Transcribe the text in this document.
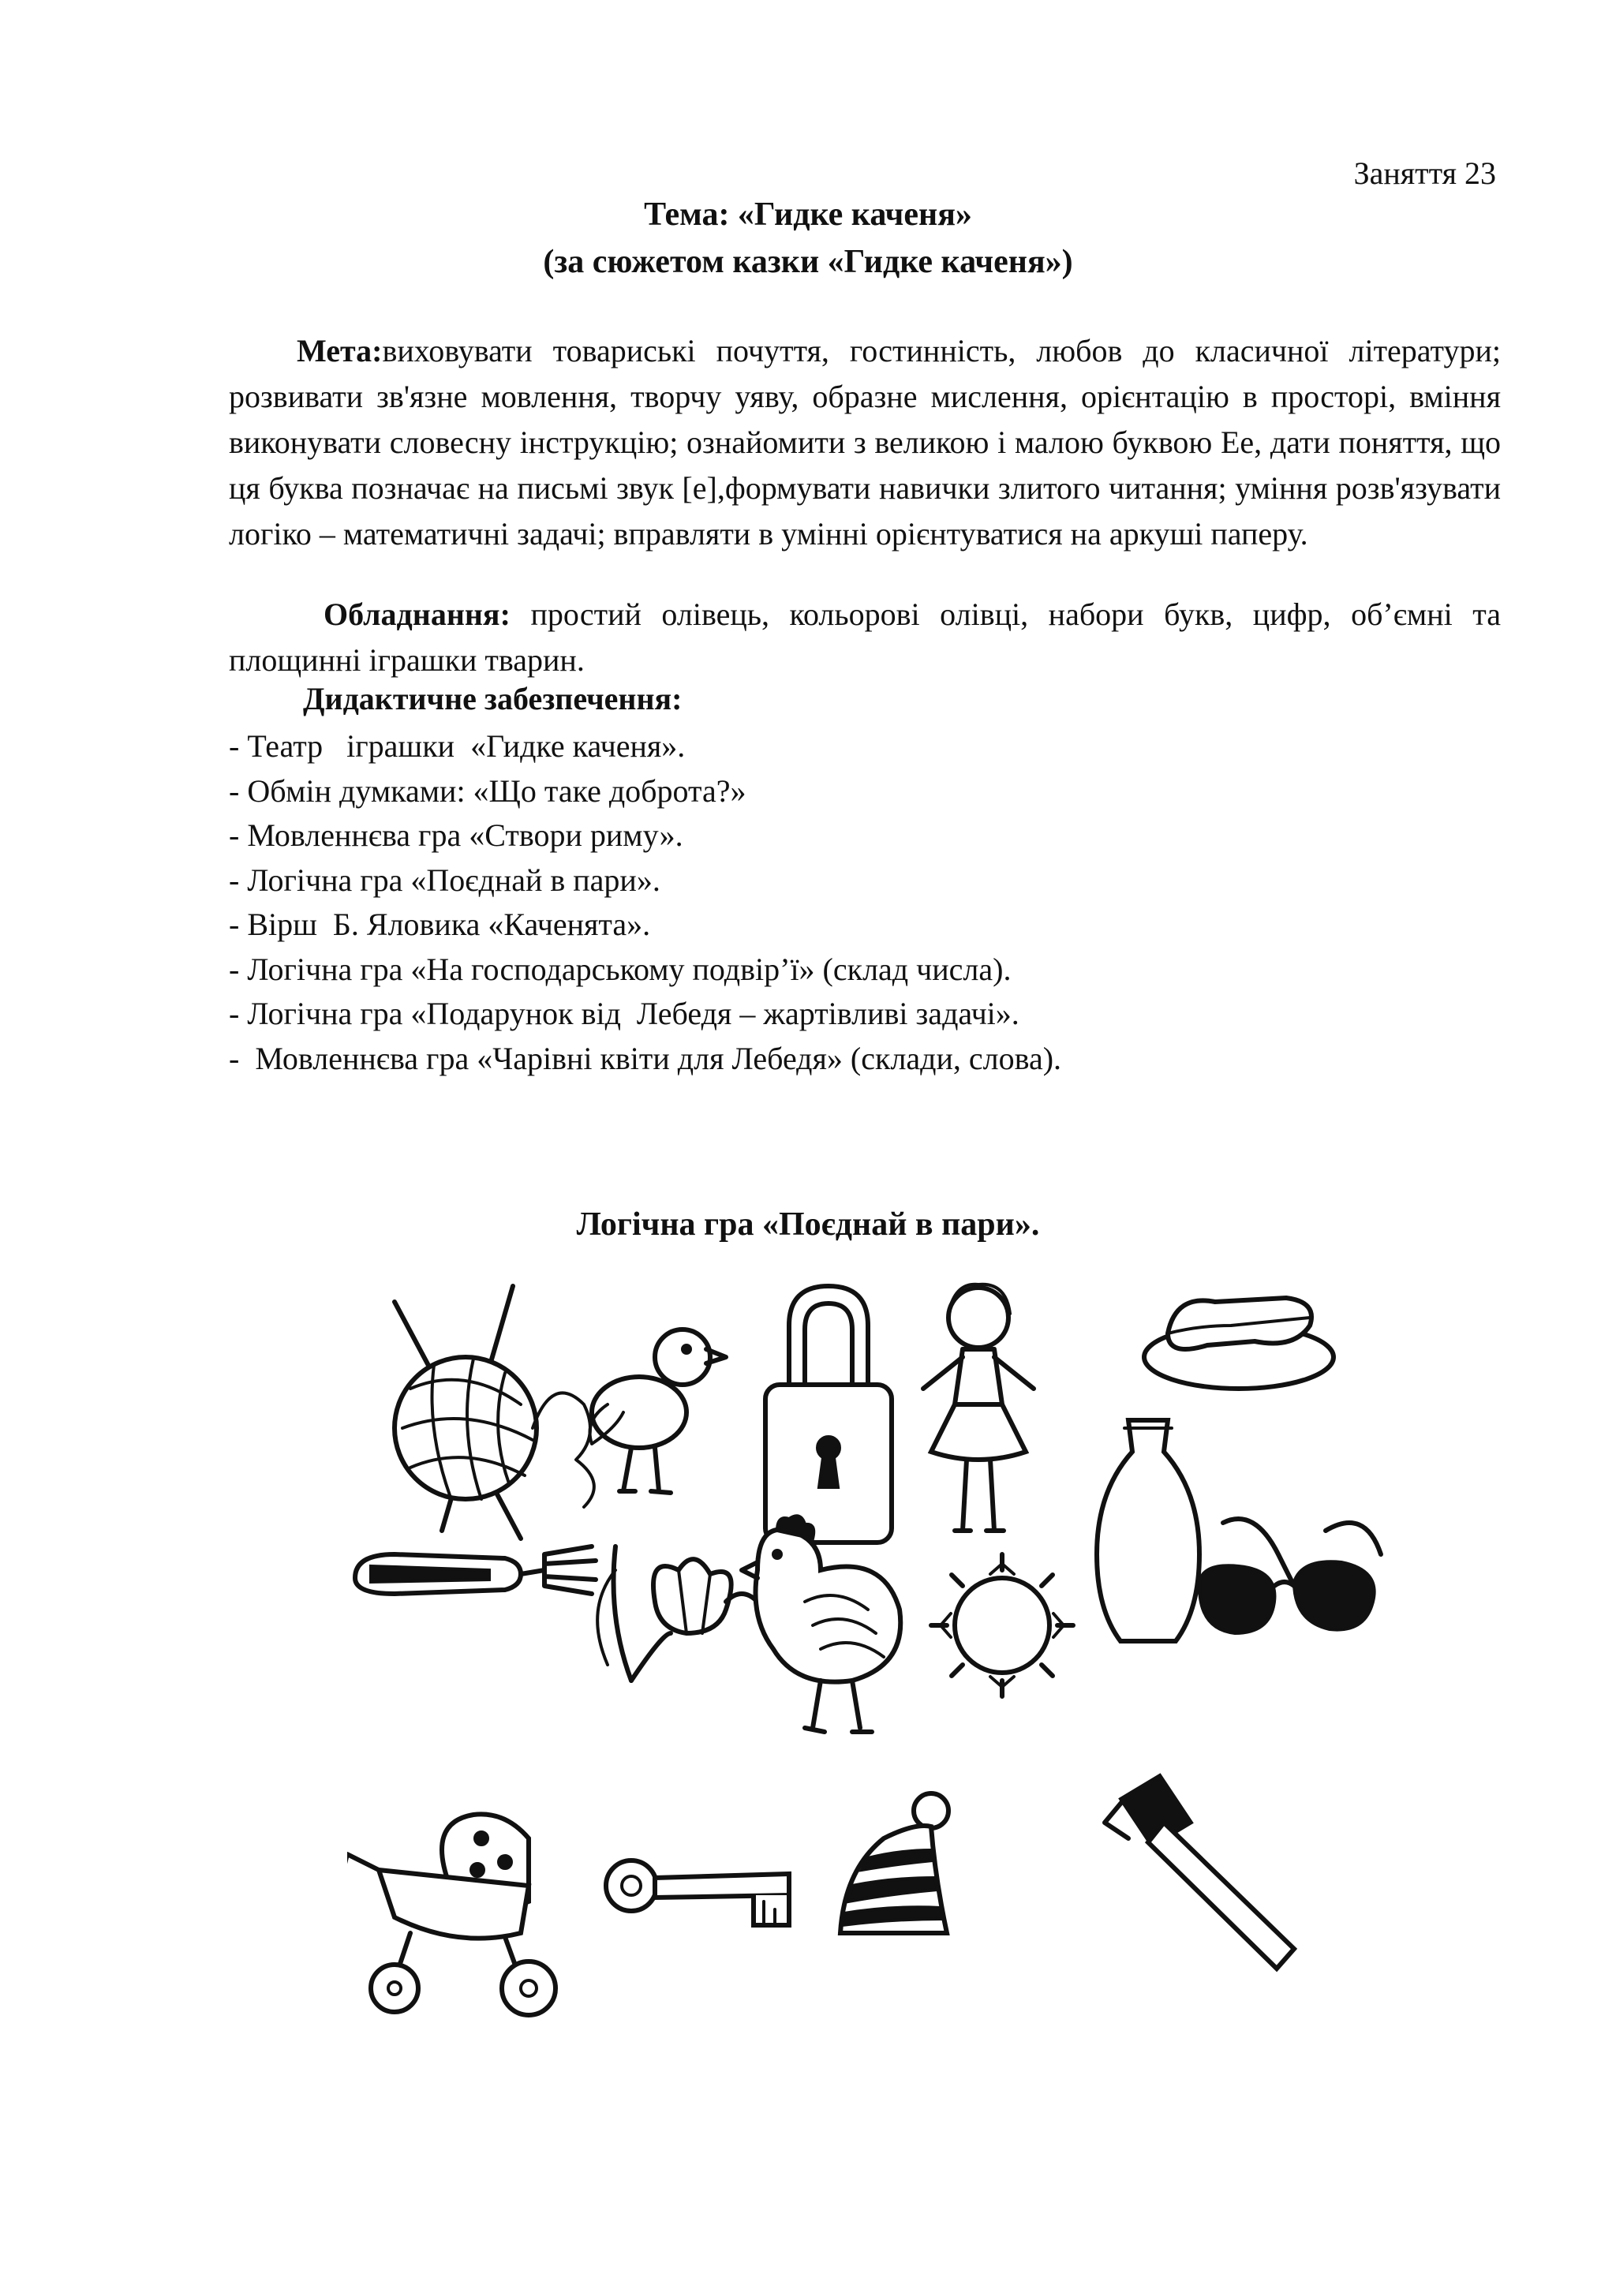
Заняття 23
Тема: «Гидке каченя»
(за сюжетом казки «Гидке каченя»)

Мета:виховувати товариські почуття, гостинність, любов до класичної літератури; розвивати зв'язне мовлення, творчу уяву, образне мислення, орієнтацію в просторі, вміння виконувати словесну інструкцію; ознайомити з великою і малою буквою Ее, дати поняття, що ця буква позначає на письмі звук [е],формувати навички злитого читання; уміння розв'язувати логіко – математичні задачі; вправляти в умінні орієнтуватися на аркуші паперу.

Обладнання: простий олівець, кольорові олівці, набори букв, цифр, об’ємні та площинні іграшки тварин.

Дидактичне забезпечення:
- Театр   іграшки  «Гидке каченя».
- Обмін думками: «Що таке доброта?»
- Мовленнєва гра «Створи риму».
- Логічна гра «Поєднай в пари».
- Вірш  Б. Яловика «Каченята».
- Логічна гра «На господарському подвір’ї» (склад числа).
- Логічна гра «Подарунок від  Лебедя – жартівливі задачі».
-  Мовленнєва гра «Чарівні квіти для Лебедя» (склади, слова).
Логічна гра «Поєднай в пари».
